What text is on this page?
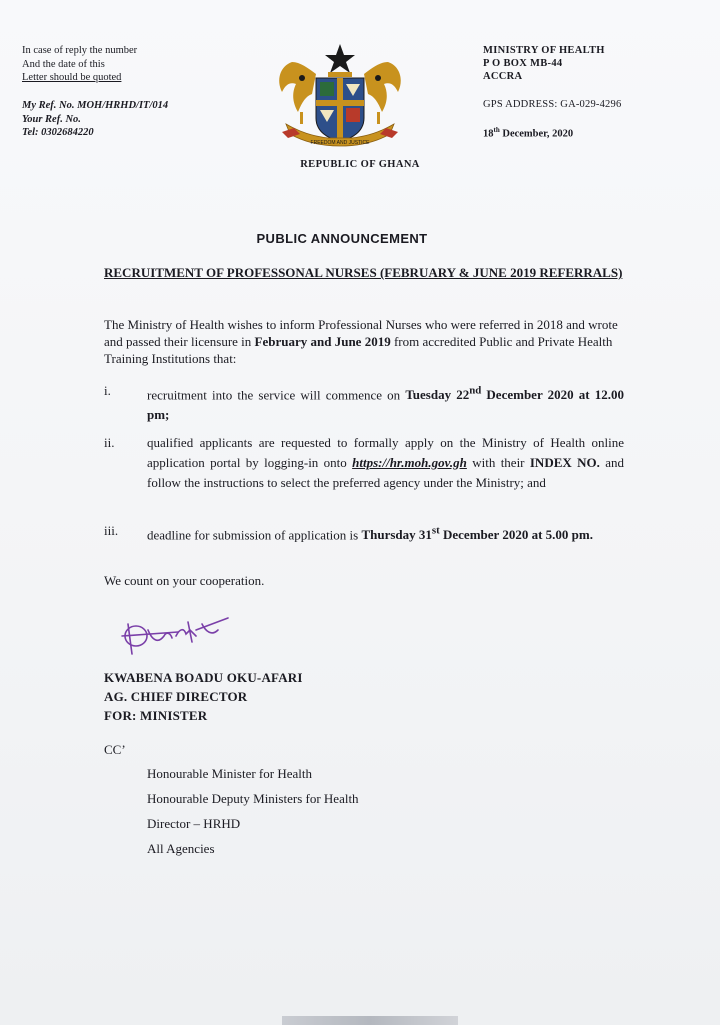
In case of reply the number
And the date of this
Letter should be quoted
My Ref. No. MOH/HRHD/IT/014
Your Ref. No.
Tel: 0302684220
FREEDOM AND JUSTICE
MINISTRY OF HEALTH
P O BOX MB-44
ACCRA
GPS ADDRESS: GA-029-4296
18th December, 2020
REPUBLIC OF GHANA
PUBLIC ANNOUNCEMENT
RECRUITMENT OF PROFESSONAL NURSES (FEBRUARY & JUNE 2019 REFERRALS)
The Ministry of Health wishes to inform Professional Nurses who were referred in 2018 and wrote and passed their licensure in February and June 2019 from accredited Public and Private Health Training Institutions that:
i.	recruitment into the service will commence on Tuesday 22nd December 2020 at 12.00 pm;
ii.	qualified applicants are requested to formally apply on the Ministry of Health online application portal by logging-in onto https://hr.moh.gov.gh with their INDEX NO. and follow the instructions to select the preferred agency under the Ministry; and
iii. deadline for submission of application is Thursday 31st December 2020 at 5.00 pm.
We count on your cooperation.
KWABENA BOADU OKU-AFARI
AG. CHIEF DIRECTOR
FOR: MINISTER
CC’
Honourable Minister for Health
Honourable Deputy Ministers for Health
Director – HRHD
All Agencies
